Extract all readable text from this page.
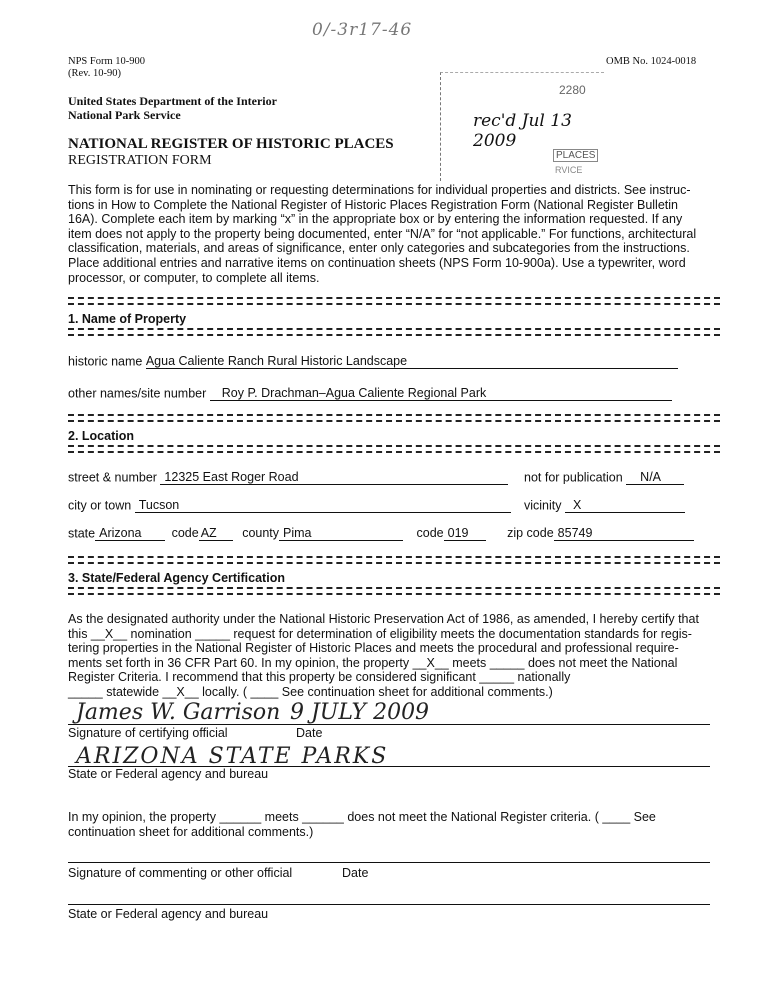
0/-3r17-46
NPS Form 10-900
(Rev. 10-90)
OMB No. 1024-0018
United States Department of the Interior
National Park Service
NATIONAL REGISTER OF HISTORIC PLACES
REGISTRATION FORM
2280
rec'd Jul 13 2009
PLACES
RVICE
This form is for use in nominating or requesting determinations for individual properties and districts. See instruc-
tions in How to Complete the National Register of Historic Places Registration Form (National Register Bulletin
16A). Complete each item by marking “x” in the appropriate box or by entering the information requested. If any
item does not apply to the property being documented, enter “N/A” for “not applicable.” For functions, architectural
classification, materials, and areas of significance, enter only categories and subcategories from the instructions.
Place additional entries and narrative items on continuation sheets (NPS Form 10-900a). Use a typewriter, word
processor, or computer, to complete all items.
1. Name of Property
historic name Agua Caliente Ranch Rural Historic Landscape
other names/site number Roy P. Drachman–Agua Caliente Regional Park
2. Location
street & number 12325 East Roger Road	not for publication N/A
city or town Tucson	vicinity X
state Arizona code AZ county Pima	code 019	zip code 85749
3. State/Federal Agency Certification
As the designated authority under the National Historic Preservation Act of 1986, as amended, I hereby certify that
this __X__ nomination _____ request for determination of eligibility meets the documentation standards for regis-
tering properties in the National Register of Historic Places and meets the procedural and professional require-
ments set forth in 36 CFR Part 60. In my opinion, the property __X__ meets _____ does not meet the National
Register Criteria. I recommend that this property be considered significant _____ nationally
_____ statewide __X__ locally. ( ____ See continuation sheet for additional comments.)
James W. Garrison 9 JULY 2009
Signature of certifying official	Date
ARIZONA STATE PARKS
State or Federal agency and bureau
In my opinion, the property ______ meets ______ does not meet the National Register criteria. ( ____ See
continuation sheet for additional comments.)
Signature of commenting or other official	Date
State or Federal agency and bureau
